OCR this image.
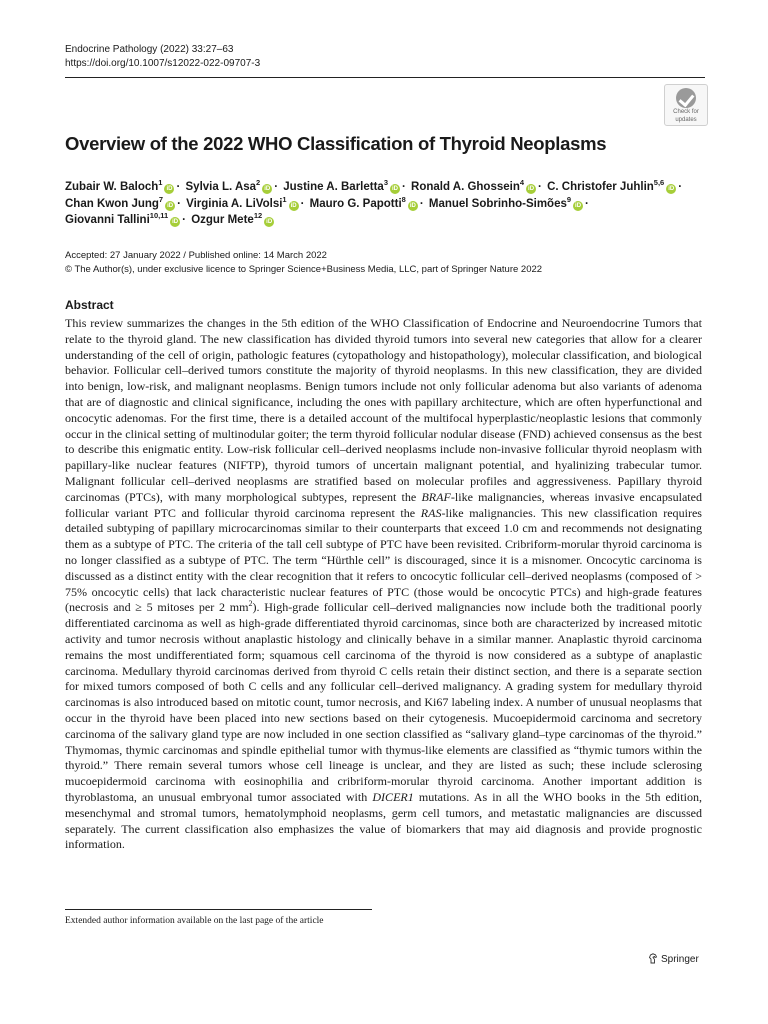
Endocrine Pathology (2022) 33:27–63
https://doi.org/10.1007/s12022-022-09707-3
Check for
updates
Overview of the 2022 WHO Classification of Thyroid Neoplasms
Zubair W. Baloch$^1$iD · Sylvia L. Asa$^2$iD · Justine A. Barletta$^3$iD · Ronald A. Ghossein$^4$iD · C. Christofer Juhlin$^{5,6}$iD ·
Chan Kwon Jung$^7$iD · Virginia A. LiVolsi$^1$iD · Mauro G. Papotti$^8$iD · Manuel Sobrinho-Simões$^9$iD ·
Giovanni Tallini$^{10,11}$iD · Ozgur Mete$^{12}$iD
Accepted: 27 January 2022 / Published online: 14 March 2022
© The Author(s), under exclusive licence to Springer Science+Business Media, LLC, part of Springer Nature 2022
Abstract

This review summarizes the changes in the 5th edition of the WHO Classification of Endocrine and Neuroendocrine Tumors that relate to the thyroid gland. The new classification has divided thyroid tumors into several new categories that allow for a clearer understanding of the cell of origin, pathologic features (cytopathology and histopathology), molecular classification, and biological behavior. Follicular cell–derived tumors constitute the majority of thyroid neoplasms. In this new classification, they are divided into benign, low-risk, and malignant neoplasms. Benign tumors include not only follicular adenoma but also variants of adenoma that are of diagnostic and clinical significance, including the ones with papillary architecture, which are often hyperfunctional and oncocytic adenomas. For the first time, there is a detailed account of the multifocal hyperplastic/neoplastic lesions that commonly occur in the clinical setting of multinodular goiter; the term thyroid follicular nodular disease (FND) achieved consensus as the best to describe this enigmatic entity. Low-risk follicular cell–derived neoplasms include non-invasive follicular thyroid neoplasm with papillary-like nuclear features (NIFTP), thyroid tumors of uncertain malignant potential, and hyalinizing trabecular tumor. Malignant follicular cell–derived neoplasms are stratified based on molecular profiles and aggressiveness. Papillary thyroid carcinomas (PTCs), with many morphological subtypes, represent the BRAF-like malignancies, whereas invasive encapsulated follicular variant PTC and follicular thyroid carcinoma represent the RAS-like malignancies. This new classification requires detailed subtyping of papillary microcarcinomas similar to their counterparts that exceed 1.0 cm and recommends not designating them as a subtype of PTC. The criteria of the tall cell subtype of PTC have been revisited. Cribriform-morular thyroid carcinoma is no longer classified as a subtype of PTC. The term “Hürthle cell” is discouraged, since it is a misnomer. Oncocytic carcinoma is discussed as a distinct entity with the clear recognition that it refers to oncocytic follicular cell–derived neoplasms (composed of > 75% oncocytic cells) that lack characteristic nuclear features of PTC (those would be oncocytic PTCs) and high-grade features (necrosis and ≥ 5 mitoses per 2 $mm^2$). High-grade follicular cell–derived malignancies now include both the traditional poorly differentiated carcinoma as well as high-grade differentiated thyroid carcinomas, since both are characterized by increased mitotic activity and tumor necrosis without anaplastic histology and clinically behave in a similar manner. Anaplastic thyroid carcinoma remains the most undifferentiated form; squamous cell carcinoma of the thyroid is now considered as a subtype of anaplastic carcinoma. Medullary thyroid carcinomas derived from thyroid C cells retain their distinct section, and there is a separate section for mixed tumors composed of both C cells and any follicular cell–derived malignancy. A grading system for medullary thyroid carcinomas is also introduced based on mitotic count, tumor necrosis, and Ki67 labeling index. A number of unusual neoplasms that occur in the thyroid have been placed into new sections based on their cytogenesis. Mucoepidermoid carcinoma and secretory carcinoma of the salivary gland type are now included in one section classified as “salivary gland–type carcinomas of the thyroid.” Thymomas, thymic carcinomas and spindle epithelial tumor with thymus-like elements are classified as “thymic tumors within the thyroid.” There remain several tumors whose cell lineage is unclear, and they are listed as such; these include sclerosing mucoepidermoid carcinoma with eosinophilia and cribriform-morular thyroid carcinoma. Another important addition is thyroblastoma, an unusual embryonal tumor associated with DICER1 mutations. As in all the WHO books in the 5th edition, mesenchymal and stromal tumors, hematolymphoid neoplasms, germ cell tumors, and metastatic malignancies are discussed separately. The current classification also emphasizes the value of biomarkers that may aid diagnosis and provide prognostic information.

Extended author information available on the last page of the article
Springer
